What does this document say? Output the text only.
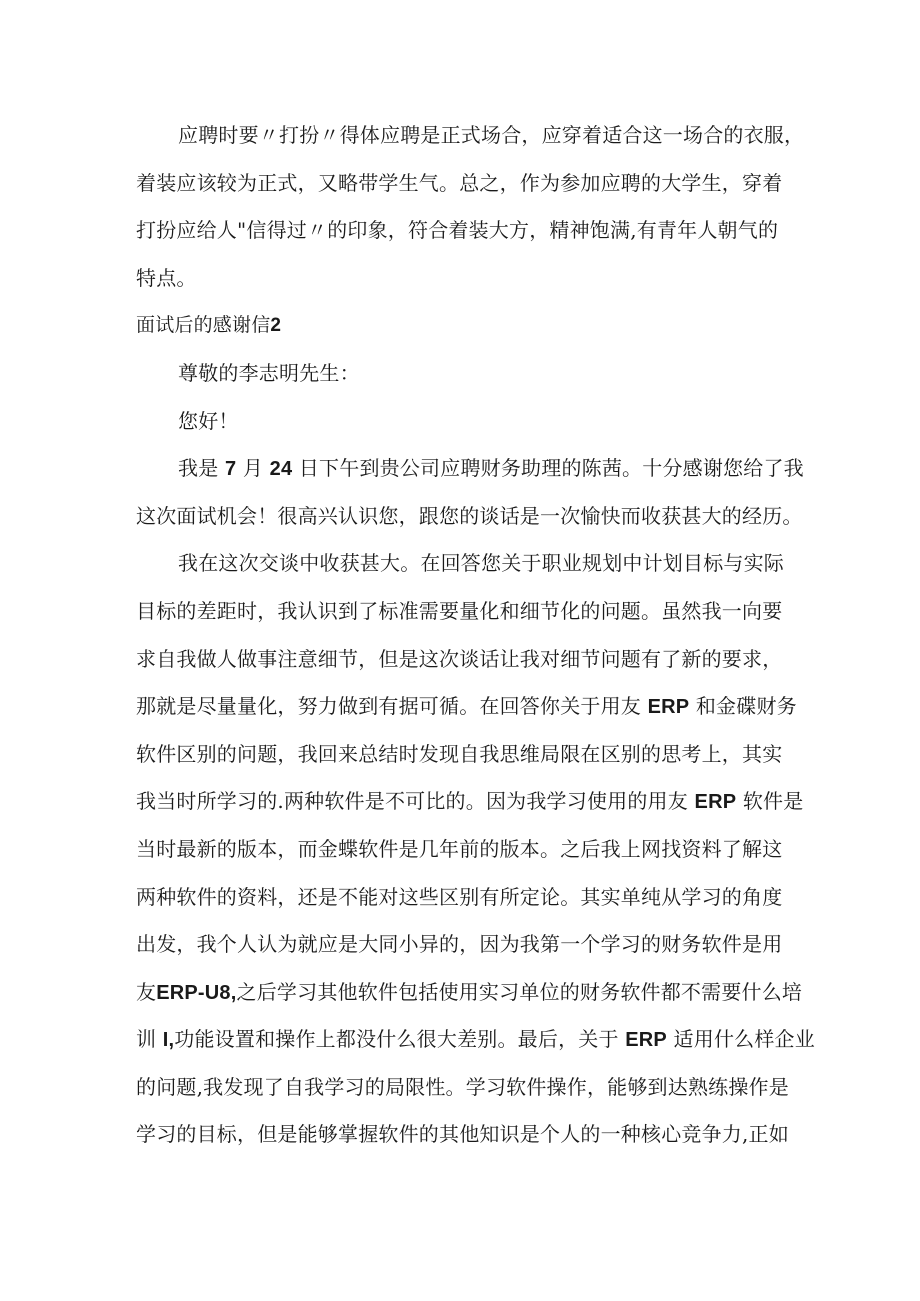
应聘时要〃打扮〃得体应聘是正式场合，应穿着适合这一场合的衣服，
着装应该较为正式，又略带学生气。总之，作为参加应聘的大学生，穿着
打扮应给人"信得过〃的印象，符合着装大方，精神饱满,有青年人朝气的
特点。
面试后的感谢信2
尊敬的李志明先生：
您好！
我是 7 月 24 日下午到贵公司应聘财务助理的陈茜。十分感谢您给了我
这次面试机会！很高兴认识您，跟您的谈话是一次愉快而收获甚大的经历。
我在这次交谈中收获甚大。在回答您关于职业规划中计划目标与实际
目标的差距时，我认识到了标准需要量化和细节化的问题。虽然我一向要
求自我做人做事注意细节，但是这次谈话让我对细节问题有了新的要求，
那就是尽量量化，努力做到有据可循。在回答你关于用友 ERP 和金碟财务
软件区别的问题，我回来总结时发现自我思维局限在区别的思考上，其实
我当时所学习的.两种软件是不可比的。因为我学习使用的用友 ERP 软件是
当时最新的版本，而金蝶软件是几年前的版本。之后我上网找资料了解这
两种软件的资料，还是不能对这些区别有所定论。其实单纯从学习的角度
出发，我个人认为就应是大同小异的，因为我第一个学习的财务软件是用
友ERP-U8,之后学习其他软件包括使用实习单位的财务软件都不需要什么培
训 I,功能设置和操作上都没什么很大差别。最后，关于 ERP 适用什么样企业
的问题,我发现了自我学习的局限性。学习软件操作，能够到达熟练操作是
学习的目标，但是能够掌握软件的其他知识是个人的一种核心竞争力,正如
